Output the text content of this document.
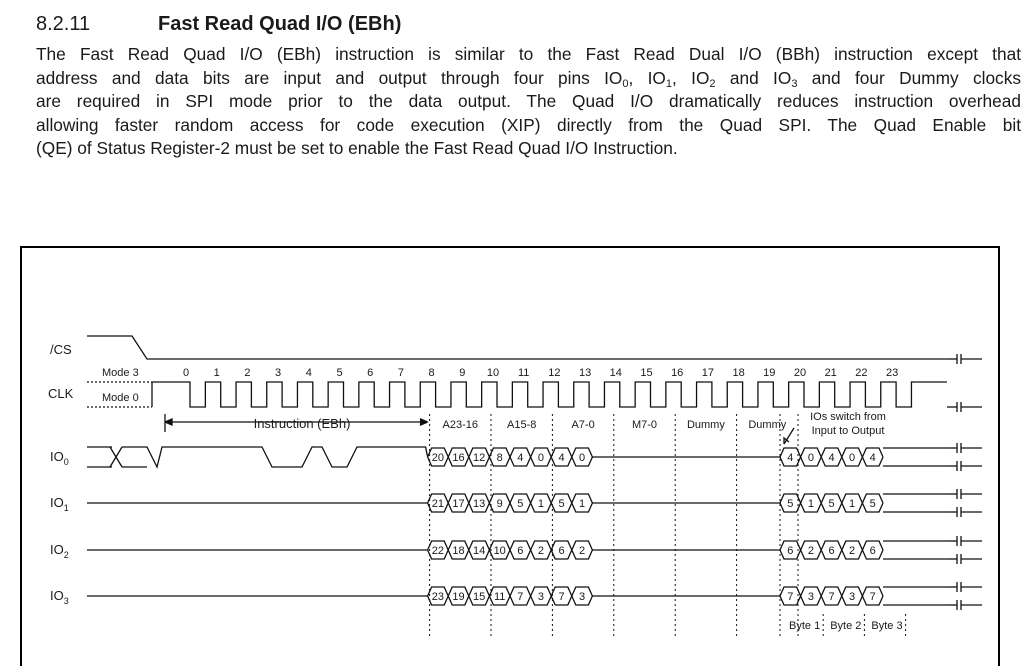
8.2.11	Fast Read Quad I/O (EBh)
The Fast Read Quad I/O (EBh) instruction is similar to the Fast Read Dual I/O (BBh) instruction except that
address and data bits are input and output through four pins $IO_0$, $IO_1$, $IO_2$ and $IO_3$ and four Dummy clocks
are required in SPI mode prior to the data output. The Quad I/O dramatically reduces instruction overhead
allowing faster random access for code execution (XIP) directly from the Quad SPI. The Quad Enable bit
(QE) of Status Register-2 must be set to enable the Fast Read Quad I/O Instruction.
/CS
CLK
$IO_0$
$IO_1$
$IO_2$
$IO_3$
Mode 3
Mode 0
0 1 2 3 4 5 6 7 8 9 10 11 12 13 14 15 16 17 18 19 20 21 22 23
Instruction (EBh)	A23-16	A15-8	A7-0	M7-0	Dummy Dummy
20 16 12 8 4 0 4 0	4 0 4 0 4
21 17 13 9 5 1 5 1	5 1 5 1 5
22 18 14 10 6 2 6 2	6 2 6 2 6
23 19 15 11 7 3 7 3	7 3 7 3 7
IOs switch from
Input to Output
Byte 1 Byte 2 Byte 3
